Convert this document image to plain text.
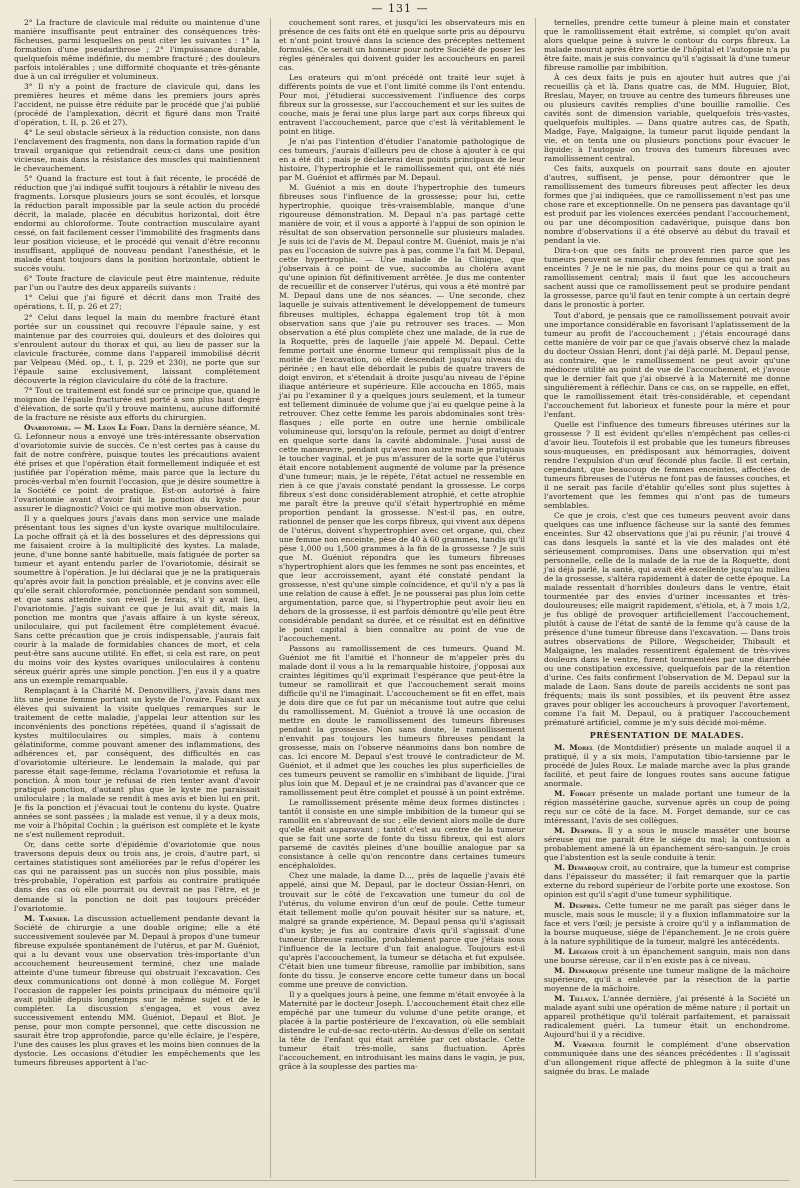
— 131 —

2° La fracture de clavicule mal réduite ou maintenue d'une manière insuffisante peut entraîner des conséquences très-fâcheuses, parmi lesquelles on peut citer les suivantes : 1° la formation d'une pseudarthrose ; 2° l'impuissance durable, quelquefois même indéfinie, du membre fracturé ; des douleurs parfois intolérables ; une difformité choquante et très-gênante due à un cal irrégulier et volumineux.

3° Il n'y a point de fracture de clavicule qui, dans les premières heures et même dans les premiers jours après l'accident, ne puisse être réduite par le procédé que j'ai publié (procédé de l'amplexation, décrit et figuré dans mon Traité d'opération, t. II, p. 26 et 27).

4° Le seul obstacle sérieux à la réduction consiste, non dans l'enclavement des fragments, non dans la formation rapide d'un travail organique qui retiendrait ceux-ci dans une position vicieuse, mais dans la résistance des muscles qui maintiennent le chevauchement.

5° Quand la fracture est tout à fait récente, le procédé de réduction que j'ai indiqué suffit toujours à rétablir le niveau des fragments. Lorsque plusieurs jours se sont écoulés, et lorsque la réduction paraît impossible par la seule action du procédé décrit, la malade, placée en décubitus horizontal, doit être endormi au chloroforme. Toute contraction musculaire ayant cessé, on fait facilement cesser l'immobilité des fragments dans leur position vicieuse, et le procédé qui venait d'être reconnu insuffisant, appliqué de nouveau pendant l'anesthésie, et le malade étant toujours dans la position horizontale, obtient le succès voulu.

6° Toute fracture de clavicule peut être maintenue, réduite par l'un ou l'autre des deux appareils suivants :

1° Celui que j'ai figuré et décrit dans mon Traité des opérations, t. II, p. 26 et 27;

2° Celui dans lequel la main du membre fracturé étant portée sur un coussinet qui recouvre l'épaule saine, y est maintenue par des courroies qui, douleurs et des doloires qui s'enroulent autour du thorax et qui, au lieu de passer sur la clavicule fracturée, comme dans l'appareil immobilisé décrit par Velpeau (Méd. op., t. I, p. 229 et 230), ne porte que sur l'épaule saine exclusivement, laissant complétement découverte la région claviculaire du côté de la fracture.

7° Tout ce traitement est fondé sur ce principe que, quand le moignon de l'épaule fracturée est porté à son plus haut degré d'élévation, de sorte qu'il y trouve maintenu, aucune difformité de la fracture ne résiste aux efforts du chirurgien.

Ovariotomie. — M. Léon Le Fort. Dans la dernière séance, M. G. Lefonneur nous a envoyé une très-intéressante observation d'ovariotomie suivie de succès. Ce n'est certes pas à cause du fait de notre confrère, puisque toutes les précautions avaient été prises et que l'opération était formellement indiquée et est justifiée par l'opération même, mais parce que la lecture du procès-verbal m'en fournit l'occasion, que je désire soumettre à la Société ce point de pratique. Est-on autorisé à faire l'ovariotomie avant d'avoir fait la ponction du kyste pour assurer le diagnostic? Voici ce qui motive mon observation.

Il y a quelques jours j'avais dans mon service une malade présentant tous les signes d'un kyste ovarique multiloculaire. La poche offrait çà et là des bosselures et des dépressions qui me faisaient croire à la multiplicité des kystes. La malade, jeune, d'une bonne santé habituelle, mais fatiguée de porter sa tumeur et ayant entendu parler de l'ovariotomie, désirait se soumettre à l'opération. Je lui déclarai que je ne la pratiquerais qu'après avoir fait la ponction préalable, et je convins avec elle qu'elle serait chloroformée, ponctionnée pendant son sommeil, et que sans attendre son réveil je ferais, s'il y avait lieu, l'ovariotomie. J'agis suivant ce que je lui avait dit, mais la ponction me montra que j'avais affaire à un kyste séreux, uniloculaire, qui put facilement être complétement évacué. Sans cette précaution que je crois indispensable, j'aurais fait courir à la malade de formidables chances de mort, et cela peut-être sans aucune utilité. En effet, si cela est rare, on peut du moins voir des kystes ovariques uniloculaires à contenu séreux guérir après une simple ponction. J'en eus il y a quatre ans un exemple remarquable.

Remplaçant à la Charité M. Denonvilliers, j'avais dans mes lits une jeune femme portant un kyste de l'ovaire. Faisant aux élèves qui suivaient la visite quelques remarques sur le traitement de cette maladie, j'appelai leur attention sur les inconvénients des ponctions répétées, quand il s'agissait de kystes multiloculaires ou simples, mais à contenu gélatiniforme, comme pouvant amener des inflammations, des adhérences et, par conséquent, des difficultés en cas d'ovariotomie ultérieure. Le lendemain la malade, qui par paresse était sage-femme, réclama l'ovariotomie et refusa la ponction. À mon tour je refusai de rien tenter avant d'avoir pratiqué ponction, d'autant plus que le kyste me paraissait uniloculaire ; la malade se rendit à mes avis et bien lui en prit. Je fis la ponction et j'évacuai tout le contenu du kyste. Quatre années se sont passées ; la malade est venue, il y a deux mois, me voir à l'hôpital Cochin ; la guérison est complète et le kyste ne s'est nullement reproduit.

Or, dans cette sorte d'épidémie d'ovariotomie que nous traversons depuis deux ou trois ans, je crois, d'autre part, si certaines statistiques sont améliorées par le refus d'opérer les cas qui ne paraissent pas un succès non plus possible, mais très-probable, l'opération est parfois au contraire pratiquée dans des cas où elle pourrait ou devrait ne pas l'être, et je demande si la ponction ne doit pas toujours précéder l'ovariotomie.

M. Tarnier. La discussion actuellement pendante devant la Société de chirurgie a une double origine; elle a été successivement soulevée par M. Depaul à propos d'une tumeur fibreuse expulsée spontanément de l'utérus, et par M. Guéniot, qui a lu devant vous une observation très-importante d'un accouchement heureusement terminé, chez une malade atteinte d'une tumeur fibreuse qui obstruait l'excavation. Ces deux communications ont donné à mon collègue M. Forget l'occasion de rappeler les points principaux du mémoire qu'il avait publié depuis longtemps sur le même sujet et de le compléter. La discussion s'engagea, et vous avez successivement entendu MM. Guéniot, Depaul et Blot. Je pense, pour mon compte personnel, que cette discussion ne saurait être trop approfondie, parce qu'elle éclaire, je l'espère, l'une des causes les plus graves et les moins bien connues de la dystocie. Les occasions d'étudier les empêchements que les tumeurs fibreuses apportent à l'ac-

couchement sont rares, et jusqu'ici les observateurs mis en présence de ces faits ont été en quelque sorte pris au dépourvu et n'ont point trouvé dans la science des préceptes nettement formulés. Ce serait un honneur pour notre Société de poser les règles générales qui doivent guider les accoucheurs en pareil cas.

Les orateurs qui m'ont précédé ont traité leur sujet à différents points de vue et l'ont limité comme ils l'ont entendu. Pour moi, j'étudierai successivement l'influence des corps fibreux sur la grossesse, sur l'accouchement et sur les suites de couche, mais je ferai une plus large part aux corps fibreux qui entravent l'accouchement, parce que c'est là véritablement le point en litige.

Je n'ai pas l'intention d'étudier l'anatomie pathologique de ces tumeurs, j'aurais d'ailleurs peu de chose à ajouter à ce qui en a été dit ; mais je déclarerai deux points principaux de leur histoire, l'hypertrophie et le ramollissement qui, ont été niés par M. Guéniot et affirmés par M. Depaul.

M. Guéniot a mis en doute l'hypertrophie des tumeurs fibreuses sous l'influence de la grossesse; pour lui, cette hypertrophie, quoique très-vraisemblable, manque d'une rigoureuse démonstration. M. Depaul n'a pas partagé cette manière de voir, et il vous a apporté à l'appui de son opinion le résultat de son observation personnelle sur plusieurs malades. Je suis ici de l'avis de M. Depaul contre M. Guéniot, mais je n'ai pas eu l'occasion de suivre pas à pas, comme l'a fait M. Depaul, cette hypertrophie. — Une malade de la Clinique, que j'observais à ce point de vue, succomba au choléra avant qu'une opinion fût définitivement arrêtée. Je dus me contenter de recueillir et de conserver l'utérus, qui vous a été montré par M. Depaul dans une de nos séances. — Une seconde, chez laquelle je suivais attentivement le développement de tumeurs fibreuses multiples, échappa également trop tôt à mon observation sans que j'aie pu retrouver ses traces. — Mon observation a été plus complète chez une malade, de la rue de la Roquette, près de laquelle j'aie appelé M. Depaul. Cette femme portait une énorme tumeur qui remplissait plus de la moitié de l'excavation, où elle descendait jusqu'au niveau du périnée ; en haut elle débordait le pubis de quatre travers de doigt environ, et s'étendait à droite jusqu'au niveau de l'épine iliaque antérieure et supérieure. Elle accoucha en 1865, mais j'ai pu l'examiner il y a quelques jours seulement, et la tumeur est tellement diminuée de volume que j'ai eu quelque peine à la retrouver. Chez cette femme les parois abdominales sont très-flasques ; elle porte en outre une hernie ombilicale volumineuse qui, lorsqu'on la refoule, permet au doigt d'entrer en quelque sorte dans la cavité abdominale. J'usai aussi de cette manœuvre, pendant qu'avec mon autre main je pratiquais le toucher vaginal, et je pus m'assurer de la sorte que l'utérus était encore notablement augmenté de volume par la présence d'une tumeur; mais, je le répète, l'état actuel ne ressemble en rien à ce que j'avais constaté pendant la grossesse. Le corps fibreux s'est donc considérablement atrophié, et cette atrophie me paraît être la preuve qu'il s'était hypertrophié en même proportion pendant la grossesse. N'est-il pas, en outre, rationnel de penser que les corps fibreux, qui vivent aux dépens de l'utérus, doivent s'hypertrophier avec cet organe, qui, chez une femme non enceinte, pèse de 40 à 60 grammes, tandis qu'il pèse 1,000 ou 1,500 grammes à la fin de la grossesse ? Je suis que M. Guéniot répondra que les tumeurs fibreuses s'hypertrophient alors que les femmes ne sont pas enceintes, et que leur accroissement, ayant été constaté pendant la grossesse, n'est qu'une simple coïncidence, et qu'il n'y a pas là une relation de cause à effet. Je ne pousserai pas plus loin cette argumentation, parce que, si l'hypertrophie peut avoir lieu en dehors de la grossesse, il est parfois démontré qu'elle peut être considérable pendant sa durée, et ce résultat est en définitive le point capital à bien connaître au point de vue de l'accouchement.

Passons au ramollissement de ces tumeurs. Quand M. Guéniot me fit l'amitié et l'honneur de m'appeler près du malade dont il vous a lu la remarquable histoire, j'opposai aux craintes légitimes qu'il exprimait l'espérance que peut-être la tumeur se ramollirait et que l'accouchement serait moins difficile qu'il ne l'imaginait. L'accouchement se fit en effet, mais je dois dire que ce fut par un mécanisme tout autre que celui du ramollissement. M. Guéniot a trouvé là une occasion de mettre en doute le ramollissement des tumeurs fibreuses pendant la grossesse. Non sans doute, le ramollissement n'envahit pas toujours les tumeurs fibreuses pendant la grossesse, mais on l'observe néanmoins dans bon nombre de cas. Ici encore M. Depaul s'est trouvé le contradicteur de M. Guéniot, et il admet que les couches les plus superficielles de ces tumeurs peuvent se ramollir en s'imbibant de liquide. J'irai plus loin que M. Depaul et je ne craindrai pas d'avancer que ce ramollissement peut être complet et poussé à un point extrême.

Le ramollissement présente même deux formes distinctes : tantôt il consiste en une simple imbibition de la tumeur qui se ramollit en s'abreuvant de suc ; elle devient alors molle de dure qu'elle était auparavant ; tantôt c'est au centre de la tumeur que se fait une sorte de fonte du tissu fibreux, qui est alors parsemé de cavités pleines d'une bouillie analogue par sa consistance à celle qu'on rencontre dans certaines tumeurs encéphaloïdes.

Chez une malade, la dame D..., près de laquelle j'avais été appelé, ainsi que M. Depaul, par le docteur Ossian-Henri, on trouvait sur le côté de l'excavation une tumeur du col de l'utérus, du volume environ d'un œuf de poule. Cette tumeur était tellement molle qu'on pouvait hésiter sur sa nature, et, malgré sa grande expérience, M. Depaul pensa qu'il s'agissait d'un kyste; je fus au contraire d'avis qu'il s'agissait d'une tumeur fibreuse ramollie, probablement parce que j'étais sous l'influence de la lecture d'un fait analogue. Toujours est-il qu'après l'accouchement, la tumeur se détacha et fut expulsée. C'était bien une tumeur fibreuse, ramollie par imbibition, sans fonte du tissu. Je conserve encore cette tumeur dans un bocal comme une preuve de conviction.

Il y a quelques jours à peine, une femme m'était envoyée à la Maternité par le docteur Joseph. L'accouchement était chez elle empêché par une tumeur du volume d'une petite orange, et placée à la partie postérieure de l'excavation, où elle semblait distendre le cul-de-sac recto-utérin. Au-dessus d'elle on sentait la tête de l'enfant qui était arrêtée par cet obstacle. Cette tumeur était très-molle, sans fluctuation. Après l'accouchement, en introduisant les mains dans le vagin, je pus, grâce à la souplesse des parties ma-

ternelles, prendre cette tumeur à pleine main et constater que le ramollissement était extrême, si complet qu'on avait alors quelque peine à suivre le contour du corps fibreux. La malade mourut après être sortie de l'hôpital et l'autopsie n'a pu être faite, mais je suis convaincu qu'il s'agissait là d'une tumeur fibreuse ramollie par imbibition.

À ces deux faits je puis en ajouter huit autres que j'ai recueillis çà et là. Dans quatre cas, de MM. Huguier, Blot, Breslau, Mayer, on trouve au centre des tumeurs fibreuses une ou plusieurs cavités remplies d'une bouillie ramollie. Ces cavités sont de dimension variable, quelquefois très-vastes, quelquefois multiples. — Dans quatre autres cas, de Spath, Madge, Faye, Malgaigne, la tumeur parut liquide pendant la vie, et on tenta une ou plusieurs ponctions pour évacuer le liquide; à l'autopsie on trouva des tumeurs fibreuses avec ramollissement central.

Ces faits, auxquels on pourrait sans doute en ajouter d'autres, suffisent, je pense, pour démontrer que le ramollissement des tumeurs fibreuses peut affecter les deux formes que j'ai indiquées, que ce ramollissement n'est pas une chose rare et exceptionnelle. On ne pensera pas davantage qu'il est produit par les violences exercées pendant l'accouchement, ou par une décomposition cadavérique, puisque dans bon nombre d'observations il a été observé au début du travail et pendant la vie.

Dira-t-on que ces faits ne prouvent rien parce que les tumeurs peuvent se ramollir chez des femmes qui ne sont pas enceintes ? Je ne le nie pas, du moins pour ce qui a trait au ramollissement central; mais il faut que les accoucheurs sachent aussi que ce ramollissement peut se produire pendant la grossesse, parce qu'il faut en tenir compte à un certain degré dans le pronostic à porter.

Tout d'abord, je pensais que ce ramollissement pouvait avoir une importance considérable en favorisant l'aplatissement de la tumeur au profit de l'accouchement ; j'étais encouragé dans cette manière de voir par ce que j'avais observé chez la malade du docteur Ossian Henri, dont j'ai déjà parlé. M. Depaul pense, au contraire, que le ramollissement ne peut avoir qu'une médiocre utilité au point de vue de l'accouchement, et j'avoue que le dernier fait que j'ai observé à la Maternité me donne singulièrement à réfléchir. Dans ce cas, on se rappelle, en effet, que le ramollissement était très-considérable, et cependant l'accouchement fut laborieux et funeste pour la mère et pour l'enfant.

Quelle est l'influence des tumeurs fibreuses utérines sur la grossesse ? Il est évident qu'elles n'empêchent pas celles-ci d'avoir lieu. Toutefois il est probable que les tumeurs fibreuses sous-muqueuses, en prédisposant aux hémorragies, doivent rendre l'expulsion d'un œuf fécondé plus facile. Il est certain, cependant, que beaucoup de femmes enceintes, affectées de tumeurs fibreuses de l'utérus ne font pas de fausses couches, et il ne serait pas facile d'établir qu'elles sont plus sujettes à l'avortement que les femmes qui n'ont pas de tumeurs semblables.

Ce que je crois, c'est que ces tumeurs peuvent avoir dans quelques cas une influence fâcheuse sur la santé des femmes enceintes. Sur 42 observations que j'ai pu réunir, j'ai trouvé 4 cas dans lesquels la santé et la vie des malades ont été sérieusement compromises. Dans une observation qui m'est personnelle, celle de la malade de la rue de la Roquette, dont j'ai déjà parlé, la santé, qui avait été excellente jusqu'au milieu de la grossesse, s'altéra rapidement à dater de cette époque. La malade ressentait d'horribles douleurs dans le ventre, était tourmentée par des envies d'uriner incessantes et très-douloureuses; elle maigrit rapidement, s'étiola, et, à 7 mois 1/2, je fus obligé de provoquer artificiellement l'accouchement, plutôt à cause de l'état de santé de la femme qu'à cause de la présence d'une tumeur fibreuse dans l'excavation. — Dans trois autres observations de Pillore, Wegscheider, Thibault et Malgaigne, les malades ressentirent également de très-vives douleurs dans le ventre, furent tourmentées par une diarrhée ou une constipation excessive, quelquefois par de la rétention d'urine. Ces faits confirment l'observation de M. Depaul sur la malade de Laon. Sans doute de pareils accidents ne sont pas fréquents; mais ils sont possibles, et ils peuvent être assez graves pour obliger les accoucheurs à provoquer l'avortement, comme l'a fait M. Depaul, ou à pratiquer l'accouchement prématuré artificiel, comme je m'y suis décidé moi-même.

PRÉSENTATION DE MALADES.

M. Morel (de Montdidier) présente un malade auquel il a pratiqué, il y a six mois, l'amputation tibio-tarsienne par le procédé de Jules Roux. Le malade marche avec la plus grande facilité, et peut faire de longues routes sans aucune fatigue anormale.

M. Forget présente un malade portant une tumeur de la région massétérine gauche, survenue après un coup de poing reçu sur ce côté de la face. M. Forget demande, sur ce cas intéressant, l'avis de ses collègues.

M. Desprès. Il y a sous le muscle masséter une bourse séreuse qui me paraît être le siége du mal; la contusion a probablement amené là un épanchement séro-sanguin. Je crois que l'abstention est la seule conduite à tenir.

M. Demarquay croit, au contraire, que la tumeur est comprise dans l'épaisseur du masséter; il fait remarquer que la partie externe du rebord supérieur de l'orbite porte une exostose. Son opinion est qu'il s'agit d'une tumeur syphilitique.

M. Desprès. Cette tumeur ne me paraît pas siéger dans le muscle, mais sous le muscle; il y a fluxion inflammatoire sur la face et vers l'œil; je persiste à croire qu'il y a inflammation de la bourse muqueuse, siége de l'épanchement. Je ne crois guère à la nature syphilitique de la tumeur, malgré les antécédents.

M. Liégeois croit à un épanchement sanguin, mais non dans une bourse séreuse, car il n'en existe pas à ce niveau.

M. Demarquay présente une tumeur maligne de la mâchoire supérieure, qu'il a enlevée par la résection de la partie moyenne de la mâchoire.

M. Tillaux. L'année dernière, j'ai présenté à la Société un malade ayant subi une opération de même nature ; il portait un appareil prothétique qu'il tolérait parfaitement, et paraissait radicalement guéri. La tumeur était un enchondrome. Aujourd'hui il y a récidive.

M. Verneuil fournit le complément d'une observation communiquée dans une des séances précédentes : Il s'agissait d'un allongement rique affecté de phlegmon à la suite d'une saignée du bras. Le malade
